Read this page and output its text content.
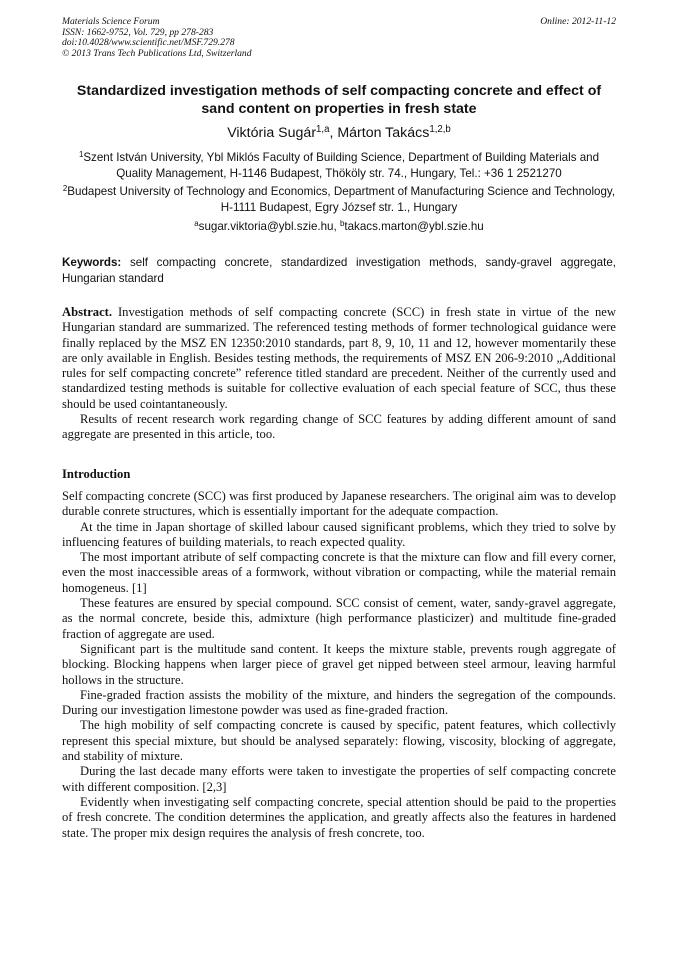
Materials Science Forum
ISSN: 1662-9752, Vol. 729, pp 278-283
doi:10.4028/www.scientific.net/MSF.729.278
© 2013 Trans Tech Publications Ltd, Switzerland
Online: 2012-11-12
Standardized investigation methods of self compacting concrete and effect of sand content on properties in fresh state
Viktória Sugár$^{1,a}$, Márton Takács$^{1,2,b}$
$^1$Szent István University, Ybl Miklós Faculty of Building Science, Department of Building Materials and Quality Management, H-1146 Budapest, Thököly str. 74., Hungary, Tel.: +36 1 2521270
$^2$Budapest University of Technology and Economics, Department of Manufacturing Science and Technology, H-1111 Budapest, Egry József str. 1., Hungary
$^a$sugar.viktoria@ybl.szie.hu, $^b$takacs.marton@ybl.szie.hu
Keywords: self compacting concrete, standardized investigation methods, sandy-gravel aggregate, Hungarian standard

Abstract. Investigation methods of self compacting concrete (SCC) in fresh state in virtue of the new Hungarian standard are summarized. The referenced testing methods of former technological guidance were finally replaced by the MSZ EN 12350:2010 standards, part 8, 9, 10, 11 and 12, however momentarily these are only available in English. Besides testing methods, the requirements of MSZ EN 206-9:2010 „Additional rules for self compacting concrete” reference titled standard are precedent. Neither of the currently used and standardized testing methods is suitable for collective evaluation of each special feature of SCC, thus these should be used cointantaneously.

Results of recent research work regarding change of SCC features by adding different amount of sand aggregate are presented in this article, too.

Introduction

Self compacting concrete (SCC) was first produced by Japanese researchers. The original aim was to develop durable conrete structures, which is essentially important for the adequate compaction.

At the time in Japan shortage of skilled labour caused significant problems, which they tried to solve by influencing features of building materials, to reach expected quality.

The most important atribute of self compacting concrete is that the mixture can flow and fill every corner, even the most inaccessible areas of a formwork, without vibration or compacting, while the material remain homogeneus. [1]

These features are ensured by special compound. SCC consist of cement, water, sandy-gravel aggregate, as the normal concrete, beside this, admixture (high performance plasticizer) and multitude fine-graded fraction of aggregate are used.

Significant part is the multitude sand content. It keeps the mixture stable, prevents rough aggregate of blocking. Blocking happens when larger piece of gravel get nipped between steel armour, leaving harmful hollows in the structure.

Fine-graded fraction assists the mobility of the mixture, and hinders the segregation of the compounds. During our investigation limestone powder was used as fine-graded fraction.

The high mobility of self compacting concrete is caused by specific, patent features, which collectivly represent this special mixture, but should be analysed separately: flowing, viscosity, blocking of aggregate, and stability of mixture.

During the last decade many efforts were taken to investigate the properties of self compacting concrete with different composition. [2,3]

Evidently when investigating self compacting concrete, special attention should be paid to the properties of fresh concrete. The condition determines the application, and greatly affects also the features in hardened state. The proper mix design requires the analysis of fresh concrete, too.
